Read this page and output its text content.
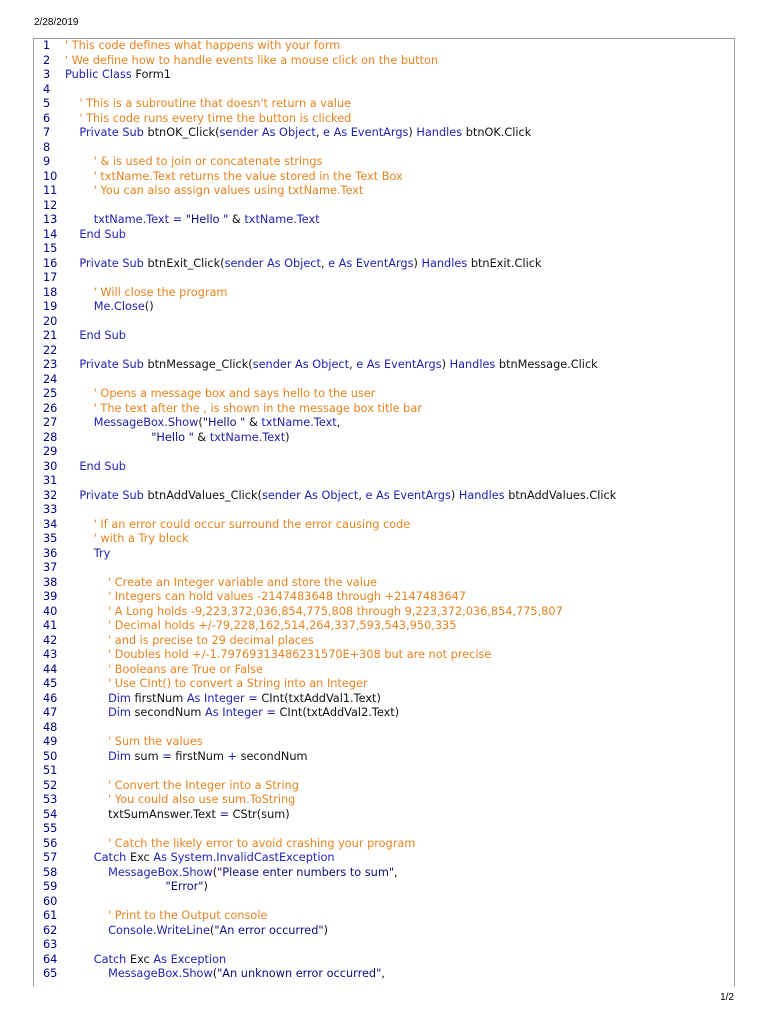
2/28/2019
1	' This code defines what happens with your form
2	' We define how to handle events like a mouse click on the button
3	Public Class Form1
4
5	' This is a subroutine that doesn't return a value
6	' This code runs every time the button is clicked
7	Private Sub btnOK_Click(sender As Object, e As EventArgs) Handles btnOK.Click
8
9	' & is used to join or concatenate strings
10	' txtName.Text returns the value stored in the Text Box
11	' You can also assign values using txtName.Text
12
13	txtName.Text = "Hello " & txtName.Text
14	End Sub
15
16	Private Sub btnExit_Click(sender As Object, e As EventArgs) Handles btnExit.Click
17
18	' Will close the program
19	Me.Close()
20
21	End Sub
22
23	Private Sub btnMessage_Click(sender As Object, e As EventArgs) Handles btnMessage.Click
24
25	' Opens a message box and says hello to the user
26	' The text after the , is shown in the message box title bar
27	MessageBox.Show("Hello " & txtName.Text,
28	"Hello " & txtName.Text)
29
30	End Sub
31
32	Private Sub btnAddValues_Click(sender As Object, e As EventArgs) Handles btnAddValues.Click
33
34	' If an error could occur surround the error causing code
35	' with a Try block
36	Try
37
38	' Create an Integer variable and store the value
39	' Integers can hold values -2147483648 through +2147483647
40	' A Long holds -9,223,372,036,854,775,808 through 9,223,372,036,854,775,807
41	' Decimal holds +/-79,228,162,514,264,337,593,543,950,335
42	' and is precise to 29 decimal places
43	' Doubles hold +/-1.79769313486231570E+308 but are not precise
44	' Booleans are True or False
45	' Use CInt() to convert a String into an Integer
46	Dim firstNum As Integer = CInt(txtAddVal1.Text)
47	Dim secondNum As Integer = CInt(txtAddVal2.Text)
48
49	' Sum the values
50	Dim sum = firstNum + secondNum
51
52	' Convert the Integer into a String
53	' You could also use sum.ToString
54	txtSumAnswer.Text = CStr(sum)
55
56	' Catch the likely error to avoid crashing your program
57	Catch Exc As System.InvalidCastException
58	MessageBox.Show("Please enter numbers to sum",
59	"Error")
60
61	' Print to the Output console
62	Console.WriteLine("An error occurred")
63
64	Catch Exc As Exception
65	MessageBox.Show("An unknown error occurred",
1/2
